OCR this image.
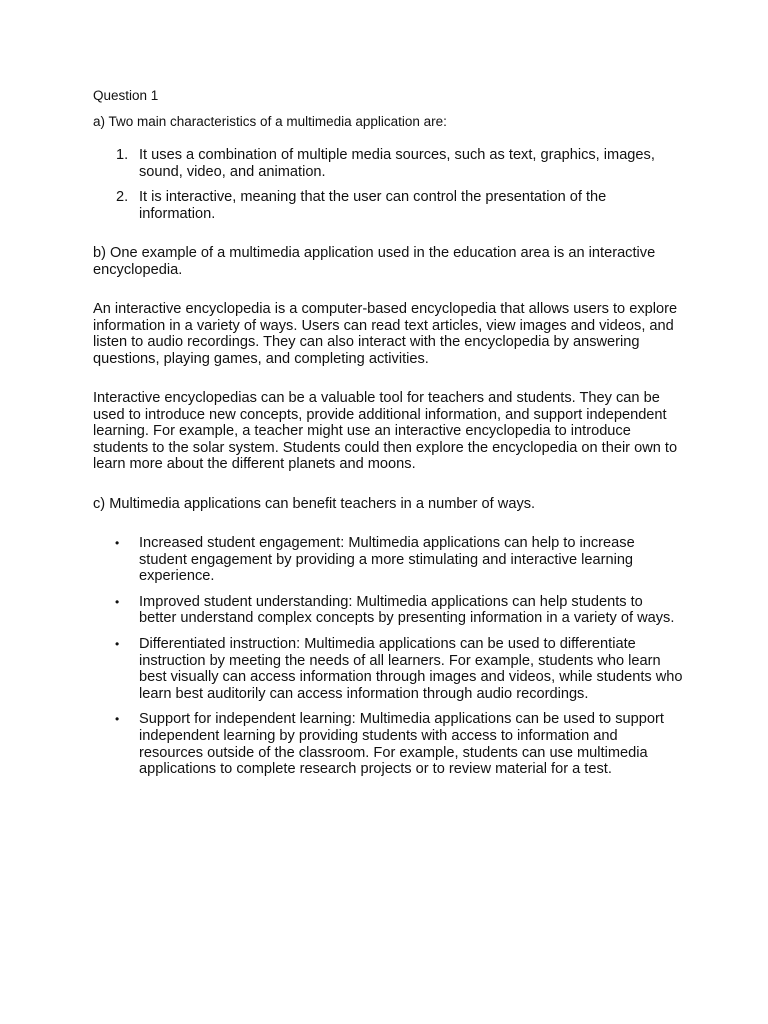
Question 1
a) Two main characteristics of a multimedia application are:
1. It uses a combination of multiple media sources, such as text, graphics, images, sound, video, and animation.
2. It is interactive, meaning that the user can control the presentation of the information.

b) One example of a multimedia application used in the education area is an interactive encyclopedia.

An interactive encyclopedia is a computer-based encyclopedia that allows users to explore information in a variety of ways. Users can read text articles, view images and videos, and listen to audio recordings. They can also interact with the encyclopedia by answering questions, playing games, and completing activities.

Interactive encyclopedias can be a valuable tool for teachers and students. They can be used to introduce new concepts, provide additional information, and support independent learning. For example, a teacher might use an interactive encyclopedia to introduce students to the solar system. Students could then explore the encyclopedia on their own to learn more about the different planets and moons.

c) Multimedia applications can benefit teachers in a number of ways.

• Increased student engagement: Multimedia applications can help to increase student engagement by providing a more stimulating and interactive learning experience.
• Improved student understanding: Multimedia applications can help students to better understand complex concepts by presenting information in a variety of ways.
• Differentiated instruction: Multimedia applications can be used to differentiate instruction by meeting the needs of all learners. For example, students who learn best visually can access information through images and videos, while students who learn best auditorily can access information through audio recordings.
• Support for independent learning: Multimedia applications can be used to support independent learning by providing students with access to information and resources outside of the classroom. For example, students can use multimedia applications to complete research projects or to review material for a test.
